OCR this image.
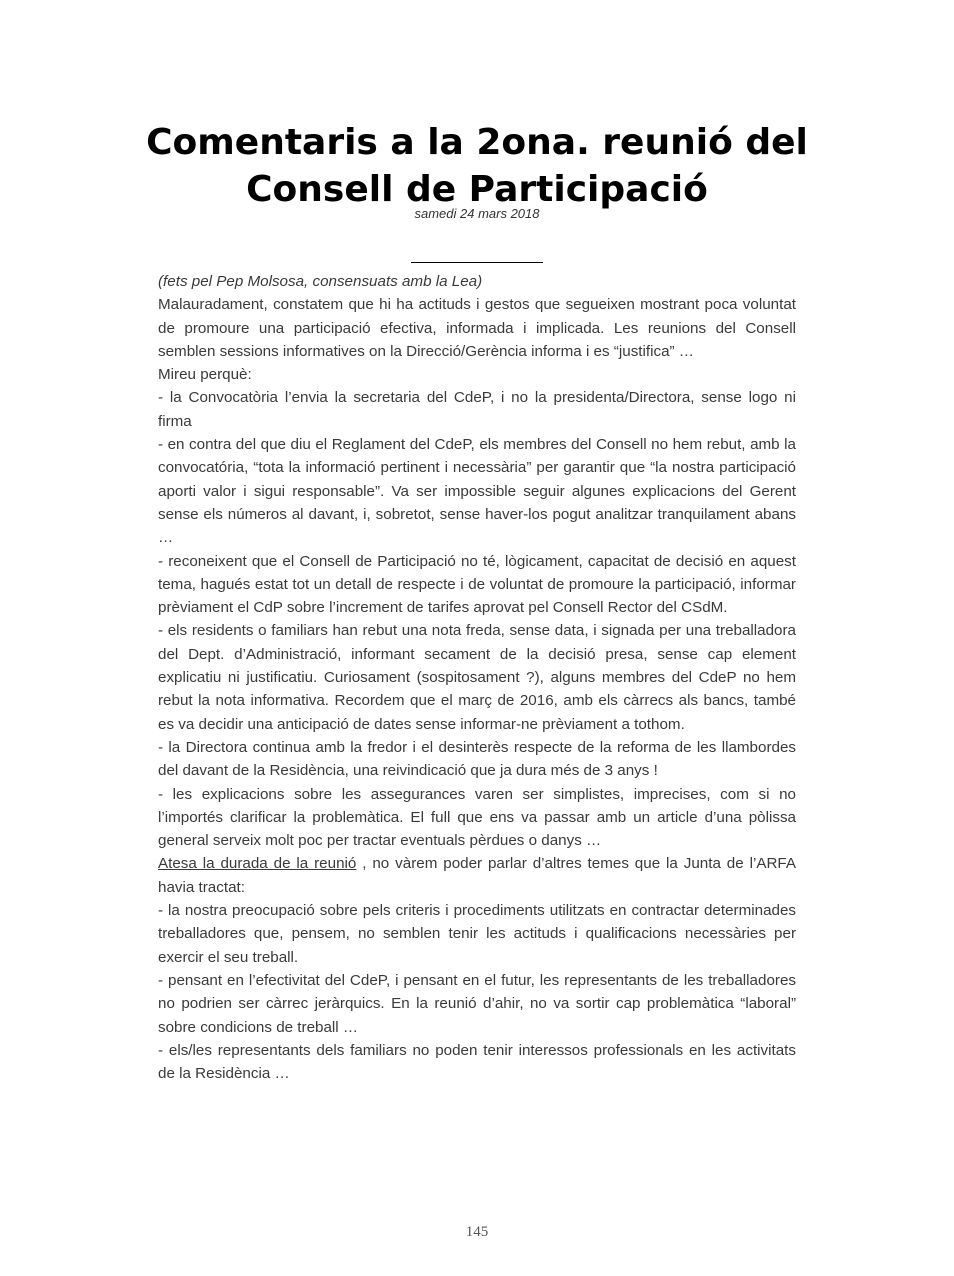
Comentaris a la 2ona. reunió del Consell de Participació
samedi 24 mars 2018

(fets pel Pep Molsosa, consensuats amb la Lea)

Malauradament, constatem que hi ha actituds i gestos que segueixen mostrant poca voluntat de promoure una participació efectiva, informada i implicada. Les reunions del Consell semblen sessions informatives on la Direcció/Gerència informa i es “justifica” …

Mireu perquè:

- la Convocatòria l’envia la secretaria del CdeP, i no la presidenta/Directora, sense logo ni firma

- en contra del que diu el Reglament del CdeP, els membres del Consell no hem rebut, amb la convocatória, “tota la informació pertinent i necessària” per garantir que “la nostra participació aporti valor i sigui responsable”. Va ser impossible seguir algunes explicacions del Gerent sense els números al davant, i, sobretot, sense haver-los pogut analitzar tranquilament abans …

- reconeixent que el Consell de Participació no té, lògicament, capacitat de decisió en aquest tema, hagués estat tot un detall de respecte i de voluntat de promoure la participació, informar prèviament el CdP sobre l’increment de tarifes aprovat pel Consell Rector del CSdM.

- els residents o familiars han rebut una nota freda, sense data, i signada per una treballadora del Dept. d’Administració, informant secament de la decisió presa, sense cap element explicatiu ni justificatiu. Curiosament (sospitosament ?), alguns membres del CdeP no hem rebut la nota informativa. Recordem que el març de 2016, amb els càrrecs als bancs, també es va decidir una anticipació de dates sense informar-ne prèviament a tothom.

- la Directora continua amb la fredor i el desinterès respecte de la reforma de les llambordes del davant de la Residència, una reivindicació que ja dura més de 3 anys !

- les explicacions sobre les assegurances varen ser simplistes, imprecises, com si no l’importés clarificar la problemàtica. El full que ens va passar amb un article d’una pòlissa general serveix molt poc per tractar eventuals pèrdues o danys …

Atesa la durada de la reunió , no vàrem poder parlar d’altres temes que la Junta de l’ARFA havia tractat:

- la nostra preocupació sobre pels criteris i procediments utilitzats en contractar determinades treballadores que, pensem, no semblen tenir les actituds i qualificacions necessàries per exercir el seu treball.

- pensant en l’efectivitat del CdeP, i pensant en el futur, les representants de les treballadores no podrien ser càrrec jeràrquics. En la reunió d’ahir, no va sortir cap problemàtica “laboral” sobre condicions de treball …

- els/les representants dels familiars no poden tenir interessos professionals en les activitats de la Residència …

145
